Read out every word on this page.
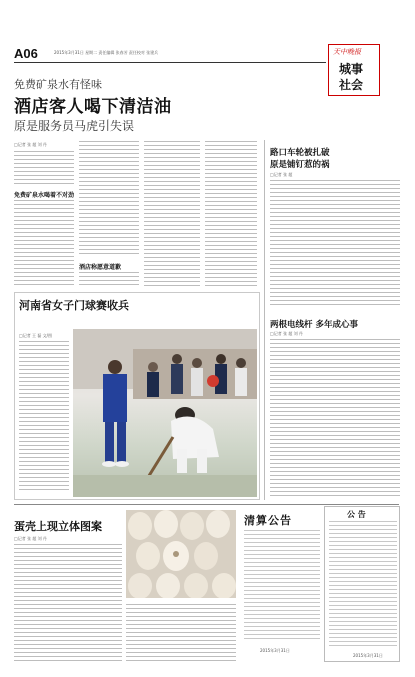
A06	2015年3月31日 星期二 责任编辑 张春芳 责任校对 张建兵	天中晚报
城事
社会
免费矿泉水有怪味
酒店客人喝下清洁油
原是服务员马虎引失误
□记者 张 超 刘 丹
免费矿泉水喝着不对劲
酒店称愿意道歉
路口车轮被扎破
原是铺钉惹的祸
□记者 张 超
两根电线杆 多年成心事
□记者 张 超 刘 丹
河南省女子门球赛收兵
□记者 王 磊 文/图
蛋壳上现立体图案
□记者 张 超 刘 丹
清算公告
2015年3月31日
公 告
2015年3月31日
